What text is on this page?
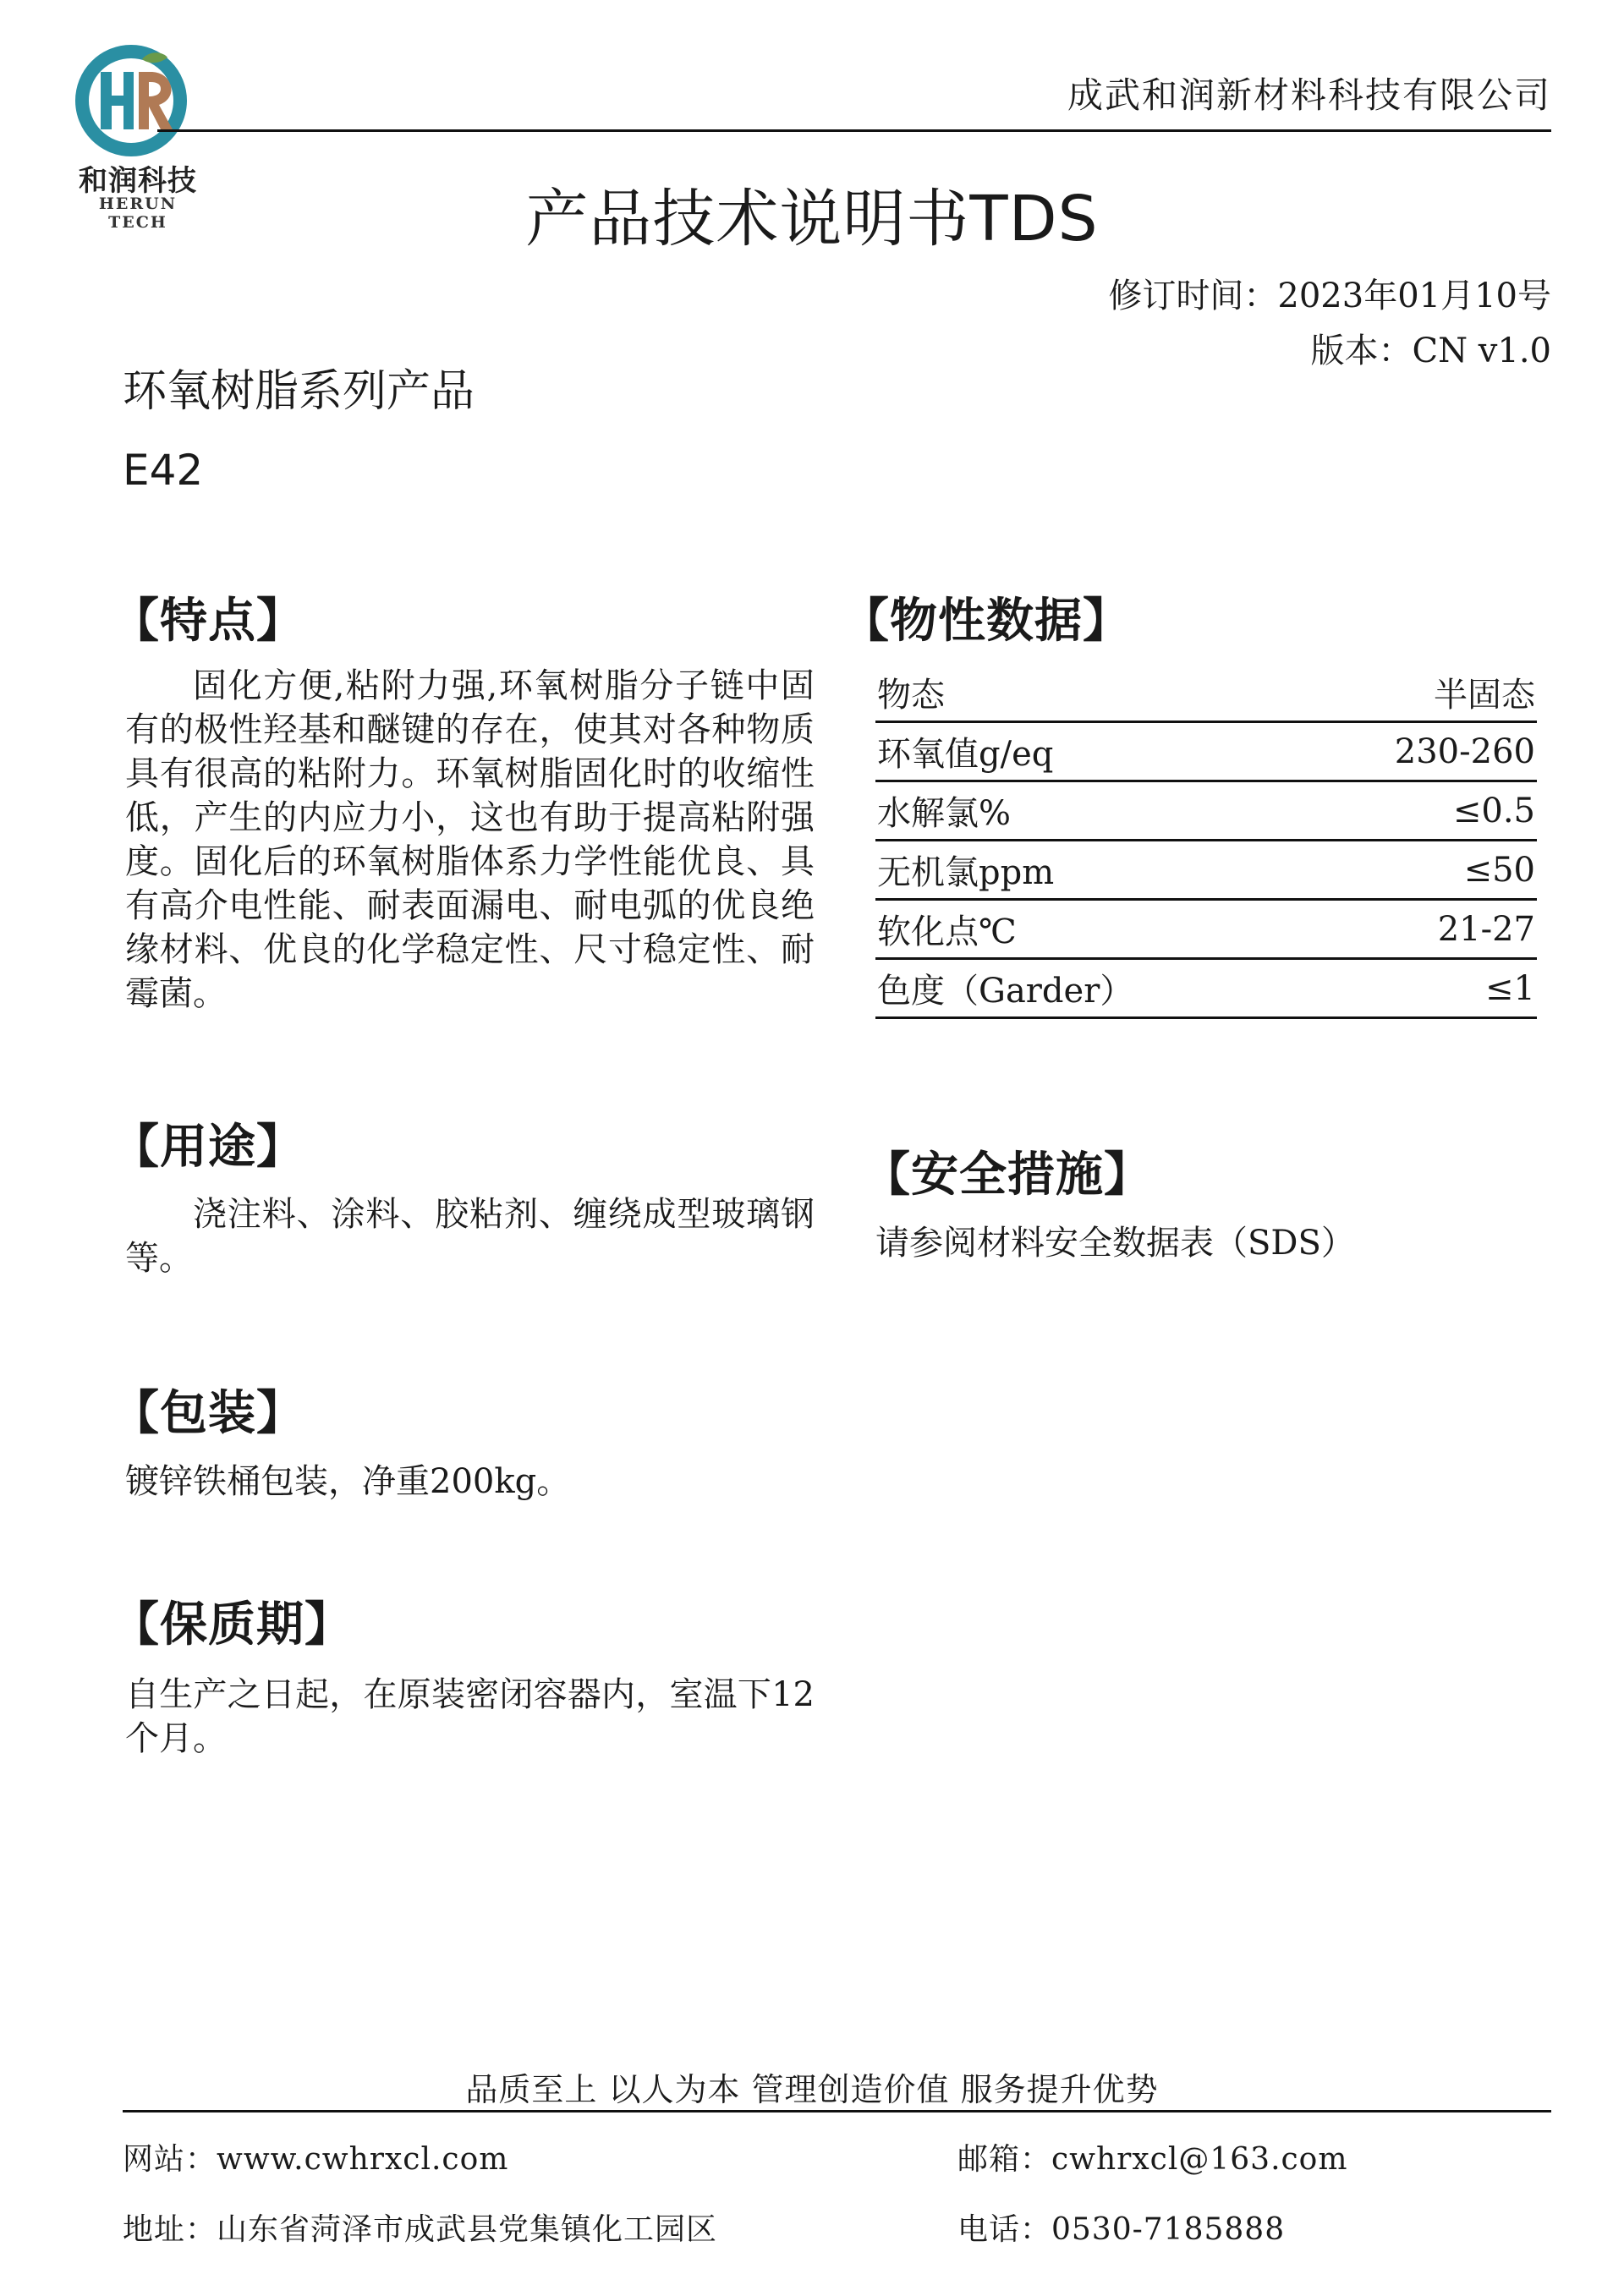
和润科技
HERUN TECH
成武和润新材料科技有限公司
产品技术说明书TDS
修订时间：2023年01月10号
版本：CN v1.0
环氧树脂系列产品
E42
【特点】
固化方便,粘附力强,环氧树脂分子链中固有的极性羟基和醚键的存在，使其对各种物质具有很高的粘附力。环氧树脂固化时的收缩性低，产生的内应力小，这也有助于提高粘附强度。固化后的环氧树脂体系力学性能优良、具有高介电性能、耐表面漏电、耐电弧的优良绝缘材料、优良的化学稳定性、尺寸稳定性、耐霉菌。
【物性数据】
物态	半固态
环氧值g/eq	230-260
水解氯%	≤0.5
无机氯ppm	≤50
软化点℃	21-27
色度（Garder）	≤1
【用途】
浇注料、涂料、胶粘剂、缠绕成型玻璃钢等。
【安全措施】
请参阅材料安全数据表（SDS）
【包装】
镀锌铁桶包装，净重200kg。
【保质期】
自生产之日起，在原装密闭容器内，室温下12个月。
品质至上 以人为本 管理创造价值 服务提升优势
网站：www.cwhrxcl.com	邮箱：cwhrxcl@163.com
地址：山东省菏泽市成武县党集镇化工园区	电话：0530-7185888
